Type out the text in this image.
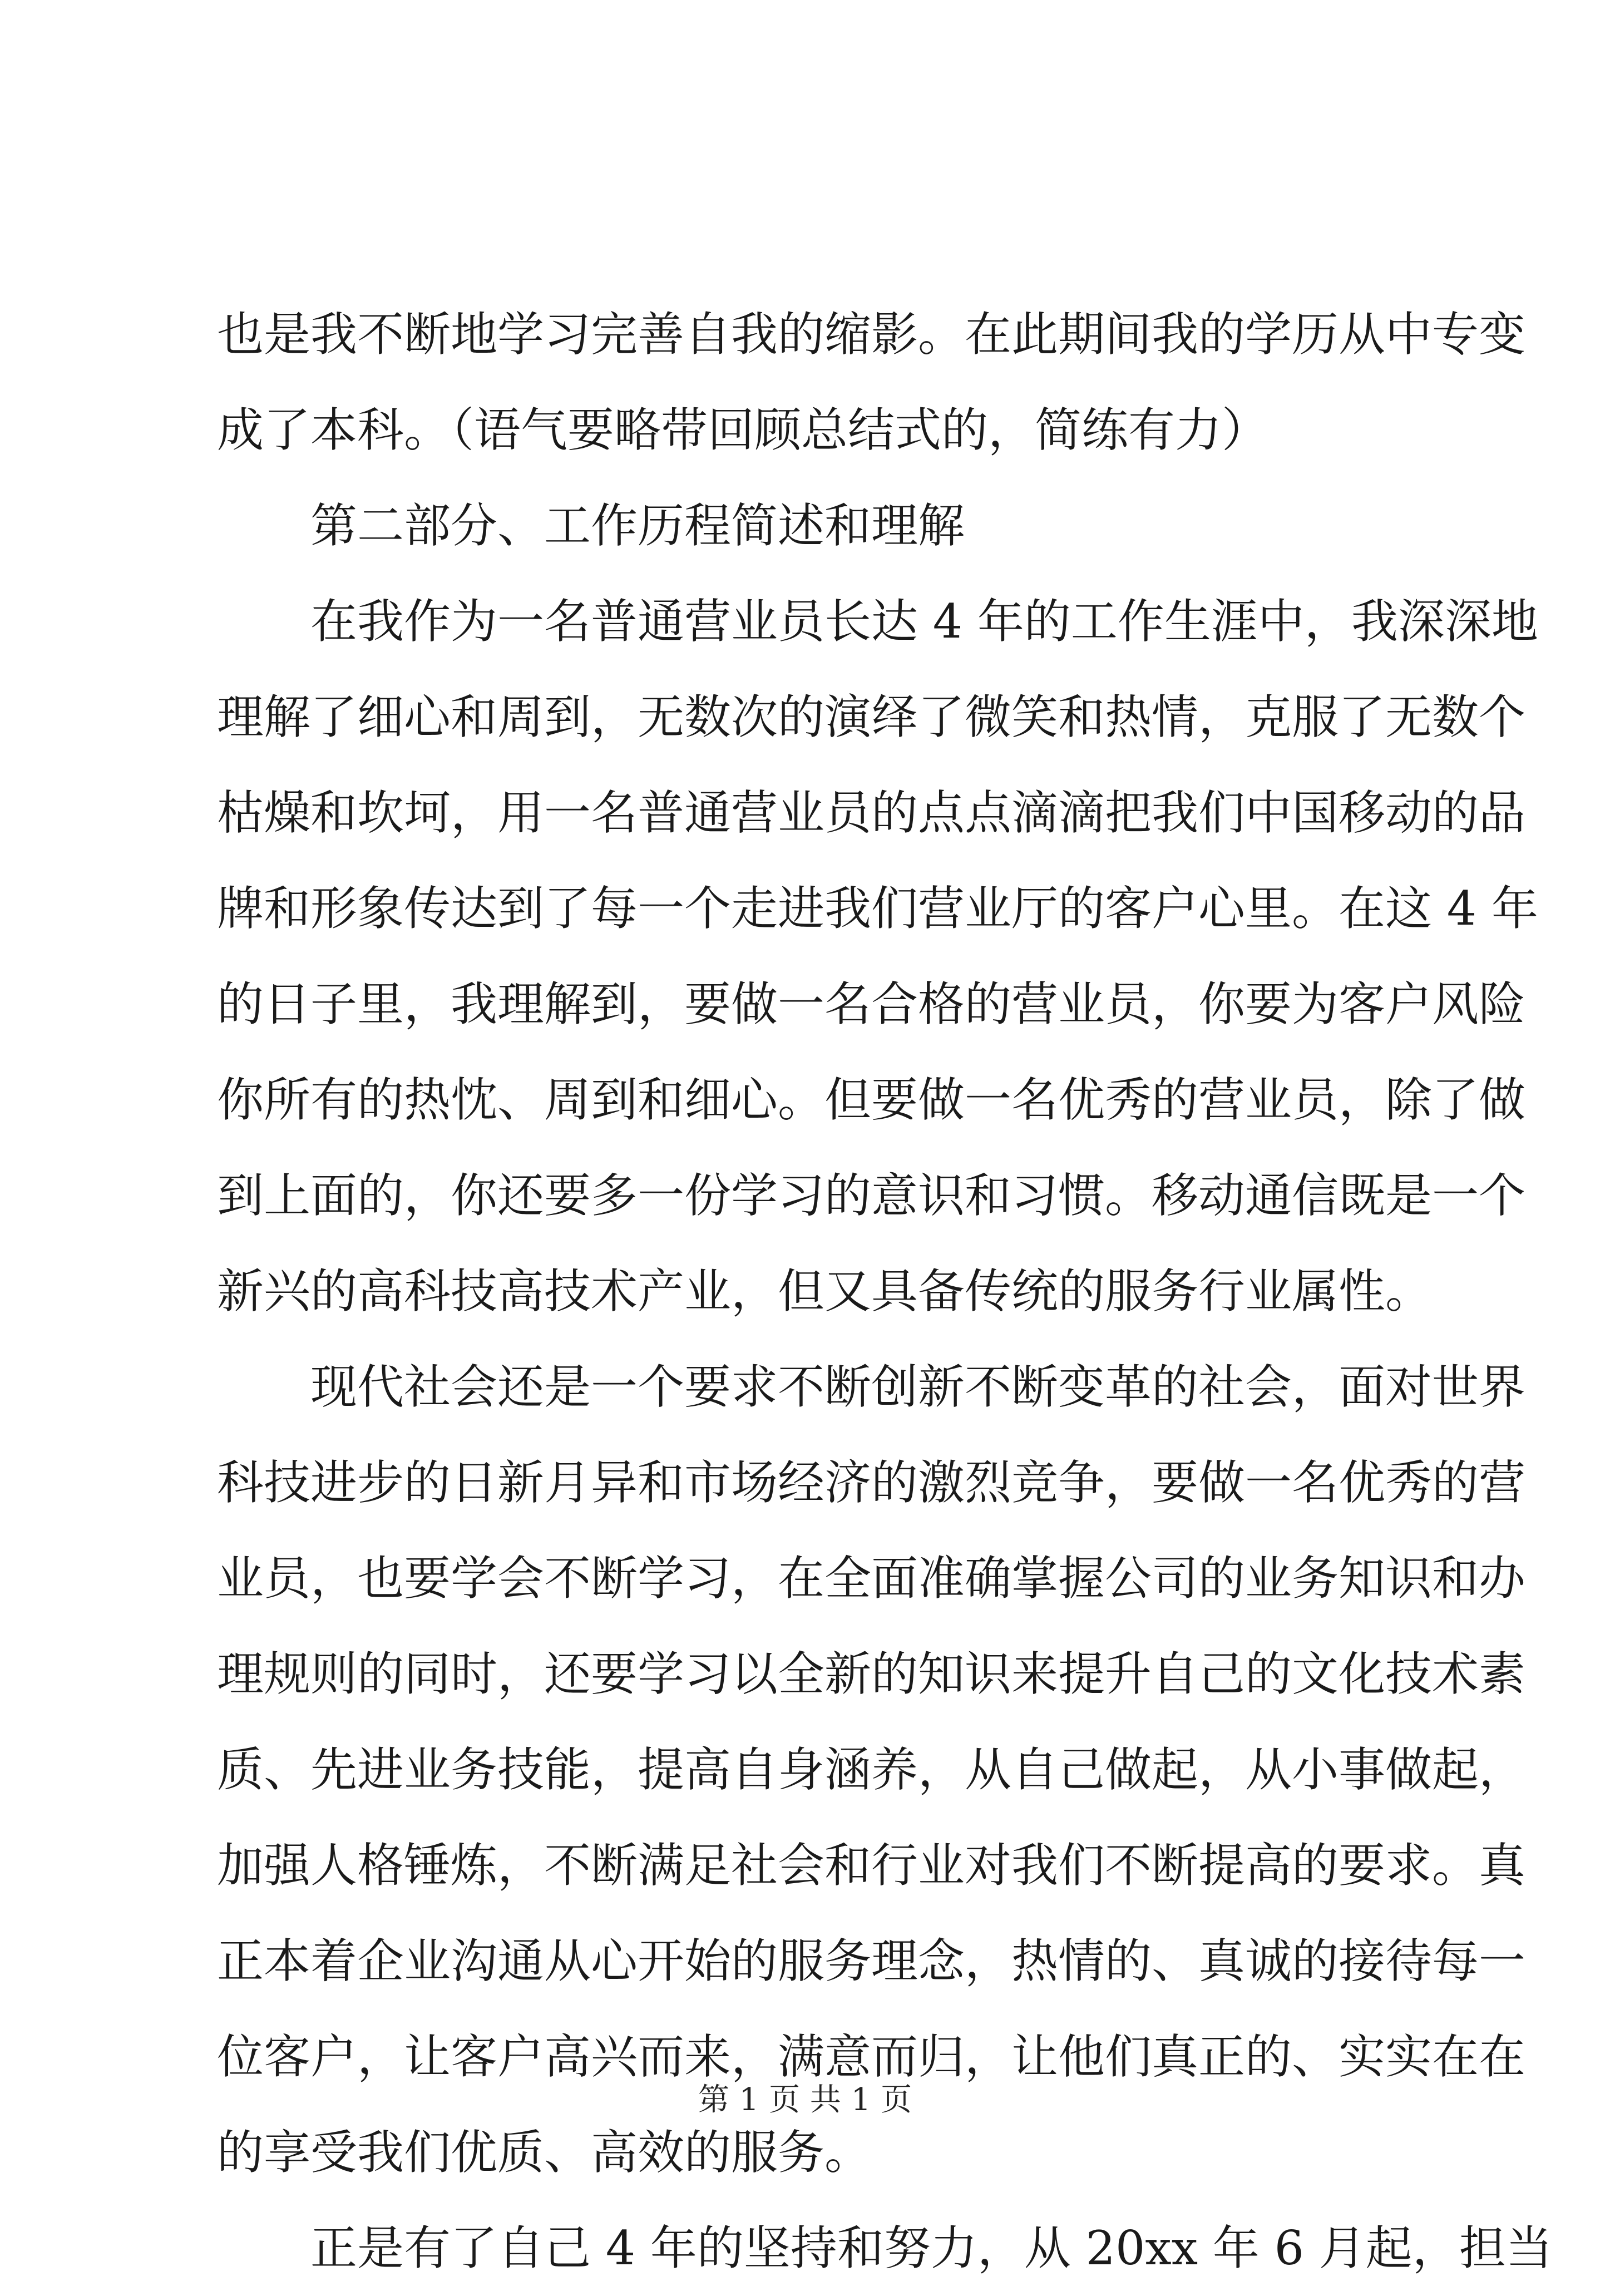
也是我不断地学习完善自我的缩影。在此期间我的学历从中专变
成了本科。（语气要略带回顾总结式的，简练有力）
第二部分、工作历程简述和理解
在我作为一名普通营业员长达 4 年的工作生涯中，我深深地
理解了细心和周到，无数次的演绎了微笑和热情，克服了无数个
枯燥和坎坷，用一名普通营业员的点点滴滴把我们中国移动的品
牌和形象传达到了每一个走进我们营业厅的客户心里。在这 4 年
的日子里，我理解到，要做一名合格的营业员，你要为客户风险
你所有的热忱、周到和细心。但要做一名优秀的营业员，除了做
到上面的，你还要多一份学习的意识和习惯。移动通信既是一个
新兴的高科技高技术产业，但又具备传统的服务行业属性。
现代社会还是一个要求不断创新不断变革的社会，面对世界
科技进步的日新月异和市场经济的激烈竞争，要做一名优秀的营
业员，也要学会不断学习，在全面准确掌握公司的业务知识和办
理规则的同时，还要学习以全新的知识来提升自己的文化技术素
质、先进业务技能，提高自身涵养，从自己做起，从小事做起，
加强人格锤炼，不断满足社会和行业对我们不断提高的要求。真
正本着企业沟通从心开始的服务理念，热情的、真诚的接待每一
位客户，让客户高兴而来，满意而归，让他们真正的、实实在在
的享受我们优质、高效的服务。
正是有了自己 4 年的坚持和努力，从 20xx 年 6 月起，担当
第 1 页 共 1 页
